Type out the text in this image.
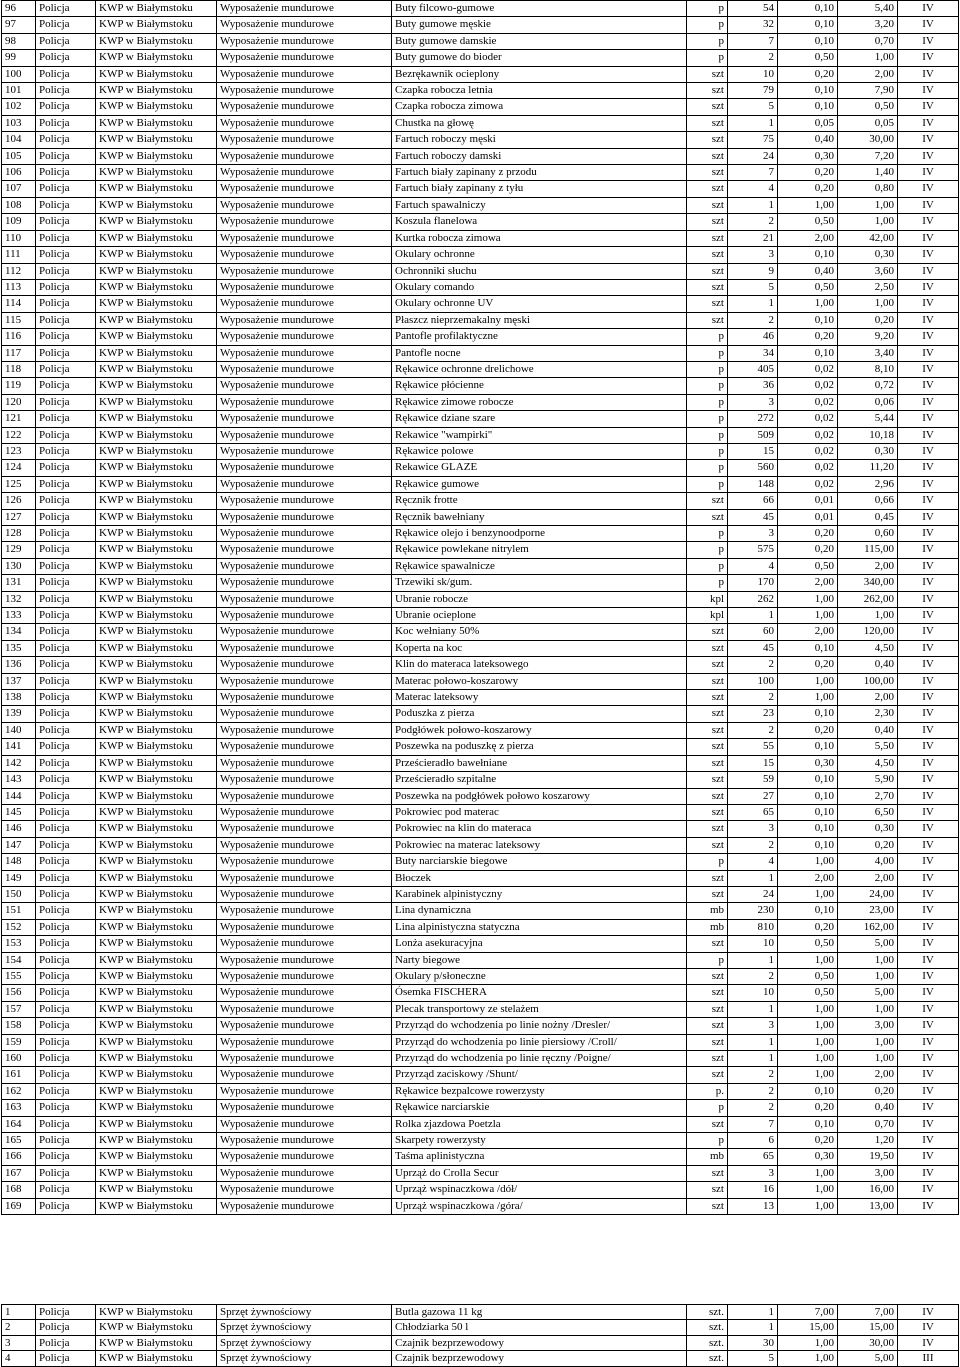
96	Policja	KWP w Białymstoku	Wyposażenie mundurowe	Buty filcowo-gumowe	p	54	0,10	5,40	IV
97	Policja	KWP w Białymstoku	Wyposażenie mundurowe	Buty gumowe męskie	p	32	0,10	3,20	IV
98	Policja	KWP w Białymstoku	Wyposażenie mundurowe	Buty gumowe damskie	p	7	0,10	0,70	IV
99	Policja	KWP w Białymstoku	Wyposażenie mundurowe	Buty gumowe do bioder	p	2	0,50	1,00	IV
100	Policja	KWP w Białymstoku	Wyposażenie mundurowe	Bezrękawnik ocieplony	szt	10	0,20	2,00	IV
101	Policja	KWP w Białymstoku	Wyposażenie mundurowe	Czapka robocza letnia	szt	79	0,10	7,90	IV
102	Policja	KWP w Białymstoku	Wyposażenie mundurowe	Czapka robocza zimowa	szt	5	0,10	0,50	IV
103	Policja	KWP w Białymstoku	Wyposażenie mundurowe	Chustka na głowę	szt	1	0,05	0,05	IV
104	Policja	KWP w Białymstoku	Wyposażenie mundurowe	Fartuch roboczy męski	szt	75	0,40	30,00	IV
105	Policja	KWP w Białymstoku	Wyposażenie mundurowe	Fartuch roboczy damski	szt	24	0,30	7,20	IV
106	Policja	KWP w Białymstoku	Wyposażenie mundurowe	Fartuch biały zapinany z przodu	szt	7	0,20	1,40	IV
107	Policja	KWP w Białymstoku	Wyposażenie mundurowe	Fartuch biały zapinany z tyłu	szt	4	0,20	0,80	IV
108	Policja	KWP w Białymstoku	Wyposażenie mundurowe	Fartuch spawalniczy	szt	1	1,00	1,00	IV
109	Policja	KWP w Białymstoku	Wyposażenie mundurowe	Koszula flanelowa	szt	2	0,50	1,00	IV
110	Policja	KWP w Białymstoku	Wyposażenie mundurowe	Kurtka robocza zimowa	szt	21	2,00	42,00	IV
111	Policja	KWP w Białymstoku	Wyposażenie mundurowe	Okulary ochronne	szt	3	0,10	0,30	IV
112	Policja	KWP w Białymstoku	Wyposażenie mundurowe	Ochronniki słuchu	szt	9	0,40	3,60	IV
113	Policja	KWP w Białymstoku	Wyposażenie mundurowe	Okulary comando	szt	5	0,50	2,50	IV
114	Policja	KWP w Białymstoku	Wyposażenie mundurowe	Okulary ochronne UV	szt	1	1,00	1,00	IV
115	Policja	KWP w Białymstoku	Wyposażenie mundurowe	Płaszcz nieprzemakalny męski	szt	2	0,10	0,20	IV
116	Policja	KWP w Białymstoku	Wyposażenie mundurowe	Pantofle profilaktyczne	p	46	0,20	9,20	IV
117	Policja	KWP w Białymstoku	Wyposażenie mundurowe	Pantofle nocne	p	34	0,10	3,40	IV
118	Policja	KWP w Białymstoku	Wyposażenie mundurowe	Rękawice ochronne drelichowe	p	405	0,02	8,10	IV
119	Policja	KWP w Białymstoku	Wyposażenie mundurowe	Rękawice płócienne	p	36	0,02	0,72	IV
120	Policja	KWP w Białymstoku	Wyposażenie mundurowe	Rękawice zimowe robocze	p	3	0,02	0,06	IV
121	Policja	KWP w Białymstoku	Wyposażenie mundurowe	Rękawice dziane szare	p	272	0,02	5,44	IV
122	Policja	KWP w Białymstoku	Wyposażenie mundurowe	Rekawice "wampirki"	p	509	0,02	10,18	IV
123	Policja	KWP w Białymstoku	Wyposażenie mundurowe	Rękawice polowe	p	15	0,02	0,30	IV
124	Policja	KWP w Białymstoku	Wyposażenie mundurowe	Rekawice GLAZE	p	560	0,02	11,20	IV
125	Policja	KWP w Białymstoku	Wyposażenie mundurowe	Rękawice gumowe	p	148	0,02	2,96	IV
126	Policja	KWP w Białymstoku	Wyposażenie mundurowe	Ręcznik frotte	szt	66	0,01	0,66	IV
127	Policja	KWP w Białymstoku	Wyposażenie mundurowe	Ręcznik bawełniany	szt	45	0,01	0,45	IV
128	Policja	KWP w Białymstoku	Wyposażenie mundurowe	Rękawice olejo i benzynoodporne	p	3	0,20	0,60	IV
129	Policja	KWP w Białymstoku	Wyposażenie mundurowe	Rękawice powlekane nitrylem	p	575	0,20	115,00	IV
130	Policja	KWP w Białymstoku	Wyposażenie mundurowe	Rękawice spawalnicze	p	4	0,50	2,00	IV
131	Policja	KWP w Białymstoku	Wyposażenie mundurowe	Trzewiki sk/gum.	p	170	2,00	340,00	IV
132	Policja	KWP w Białymstoku	Wyposażenie mundurowe	Ubranie robocze	kpl	262	1,00	262,00	IV
133	Policja	KWP w Białymstoku	Wyposażenie mundurowe	Ubranie ocieplone	kpl	1	1,00	1,00	IV
134	Policja	KWP w Białymstoku	Wyposażenie mundurowe	Koc wełniany 50%	szt	60	2,00	120,00	IV
135	Policja	KWP w Białymstoku	Wyposażenie mundurowe	Koperta na koc	szt	45	0,10	4,50	IV
136	Policja	KWP w Białymstoku	Wyposażenie mundurowe	Klin do materaca lateksowego	szt	2	0,20	0,40	IV
137	Policja	KWP w Białymstoku	Wyposażenie mundurowe	Materac połowo-koszarowy	szt	100	1,00	100,00	IV
138	Policja	KWP w Białymstoku	Wyposażenie mundurowe	Materac lateksowy	szt	2	1,00	2,00	IV
139	Policja	KWP w Białymstoku	Wyposażenie mundurowe	Poduszka z pierza	szt	23	0,10	2,30	IV
140	Policja	KWP w Białymstoku	Wyposażenie mundurowe	Podgłówek połowo-koszarowy	szt	2	0,20	0,40	IV
141	Policja	KWP w Białymstoku	Wyposażenie mundurowe	Poszewka na poduszkę z pierza	szt	55	0,10	5,50	IV
142	Policja	KWP w Białymstoku	Wyposażenie mundurowe	Prześcieradło bawełniane	szt	15	0,30	4,50	IV
143	Policja	KWP w Białymstoku	Wyposażenie mundurowe	Prześcieradło szpitalne	szt	59	0,10	5,90	IV
144	Policja	KWP w Białymstoku	Wyposażenie mundurowe	Poszewka na podgłówek połowo koszarowy	szt	27	0,10	2,70	IV
145	Policja	KWP w Białymstoku	Wyposażenie mundurowe	Pokrowiec pod materac	szt	65	0,10	6,50	IV
146	Policja	KWP w Białymstoku	Wyposażenie mundurowe	Pokrowiec na klin do materaca	szt	3	0,10	0,30	IV
147	Policja	KWP w Białymstoku	Wyposażenie mundurowe	Pokrowiec na materac lateksowy	szt	2	0,10	0,20	IV
148	Policja	KWP w Białymstoku	Wyposażenie mundurowe	Buty narciarskie biegowe	p	4	1,00	4,00	IV
149	Policja	KWP w Białymstoku	Wyposażenie mundurowe	Błoczek	szt	1	2,00	2,00	IV
150	Policja	KWP w Białymstoku	Wyposażenie mundurowe	Karabinek alpinistyczny	szt	24	1,00	24,00	IV
151	Policja	KWP w Białymstoku	Wyposażenie mundurowe	Lina dynamiczna	mb	230	0,10	23,00	IV
152	Policja	KWP w Białymstoku	Wyposażenie mundurowe	Lina alpinistyczna statyczna	mb	810	0,20	162,00	IV
153	Policja	KWP w Białymstoku	Wyposażenie mundurowe	Lonża asekuracyjna	szt	10	0,50	5,00	IV
154	Policja	KWP w Białymstoku	Wyposażenie mundurowe	Narty biegowe	p	1	1,00	1,00	IV
155	Policja	KWP w Białymstoku	Wyposażenie mundurowe	Okulary p/słoneczne	szt	2	0,50	1,00	IV
156	Policja	KWP w Białymstoku	Wyposażenie mundurowe	Ósemka FISCHERA	szt	10	0,50	5,00	IV
157	Policja	KWP w Białymstoku	Wyposażenie mundurowe	Plecak transportowy ze stelażem	szt	1	1,00	1,00	IV
158	Policja	KWP w Białymstoku	Wyposażenie mundurowe	Przyrząd do wchodzenia po linie nożny /Dresler/	szt	3	1,00	3,00	IV
159	Policja	KWP w Białymstoku	Wyposażenie mundurowe	Przyrząd do wchodzenia po linie piersiowy /Croll/	szt	1	1,00	1,00	IV
160	Policja	KWP w Białymstoku	Wyposażenie mundurowe	Przyrząd do wchodzenia po linie ręczny /Poigne/	szt	1	1,00	1,00	IV
161	Policja	KWP w Białymstoku	Wyposażenie mundurowe	Przyrząd zaciskowy /Shunt/	szt	2	1,00	2,00	IV
162	Policja	KWP w Białymstoku	Wyposażenie mundurowe	Rękawice bezpalcowe rowerzysty	p.	2	0,10	0,20	IV
163	Policja	KWP w Białymstoku	Wyposażenie mundurowe	Rękawice narciarskie	p	2	0,20	0,40	IV
164	Policja	KWP w Białymstoku	Wyposażenie mundurowe	Rolka zjazdowa Poetzla	szt	7	0,10	0,70	IV
165	Policja	KWP w Białymstoku	Wyposażenie mundurowe	Skarpety rowerzysty	p	6	0,20	1,20	IV
166	Policja	KWP w Białymstoku	Wyposażenie mundurowe	Taśma aplinistyczna	mb	65	0,30	19,50	IV
167	Policja	KWP w Białymstoku	Wyposażenie mundurowe	Uprząż do Crolla Secur	szt	3	1,00	3,00	IV
168	Policja	KWP w Białymstoku	Wyposażenie mundurowe	Uprząż wspinaczkowa /dół/	szt	16	1,00	16,00	IV
169	Policja	KWP w Białymstoku	Wyposażenie mundurowe	Uprząż wspinaczkowa /góra/	szt	13	1,00	13,00	IV
1	Policja	KWP w Białymstoku	Sprzęt żywnościowy	Butla gazowa 11 kg	szt.	1	7,00	7,00	IV
2	Policja	KWP w Białymstoku	Sprzęt żywnościowy	Chłodziarka 50 l	szt.	1	15,00	15,00	IV
3	Policja	KWP w Białymstoku	Sprzęt żywnościowy	Czajnik bezprzewodowy	szt.	30	1,00	30,00	IV
4	Policja	KWP w Białymstoku	Sprzęt żywnościowy	Czajnik bezprzewodowy	szt.	5	1,00	5,00	III
